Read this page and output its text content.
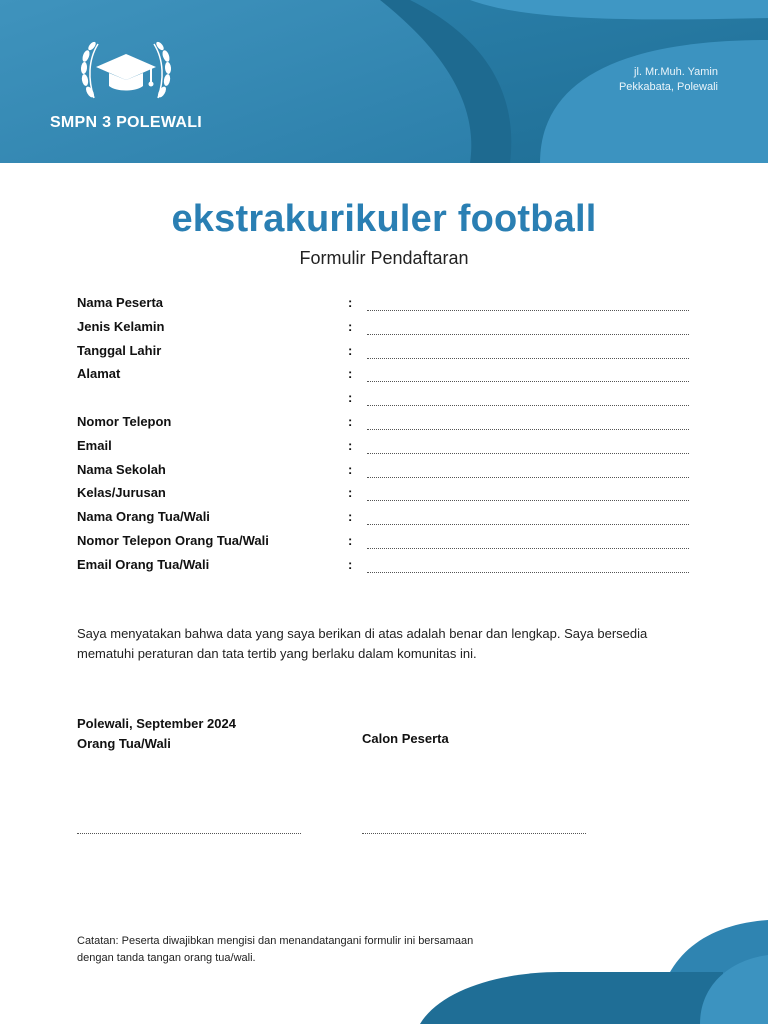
SMPN 3 POLEWALI
jl. Mr.Muh. Yamin
Pekkabata, Polewali
ekstrakurikuler football

Formulir Pendaftaran

Nama Peserta	:
Jenis Kelamin	:
Tanggal Lahir	:
Alamat	:
:
Nomor Telepon	:
Email	:
Nama Sekolah	:
Kelas/Jurusan	:
Nama Orang Tua/Wali	:
Nomor Telepon Orang Tua/Wali	:
Email Orang Tua/Wali	:

Saya menyatakan bahwa data yang saya berikan di atas adalah benar dan lengkap. Saya bersedia mematuhi peraturan dan tata tertib yang berlaku dalam komunitas ini.

Polewali, September 2024
Orang Tua/Wali	Calon Peserta

Catatan: Peserta diwajibkan mengisi dan menandatangani formulir ini bersamaan dengan tanda tangan orang tua/wali.
